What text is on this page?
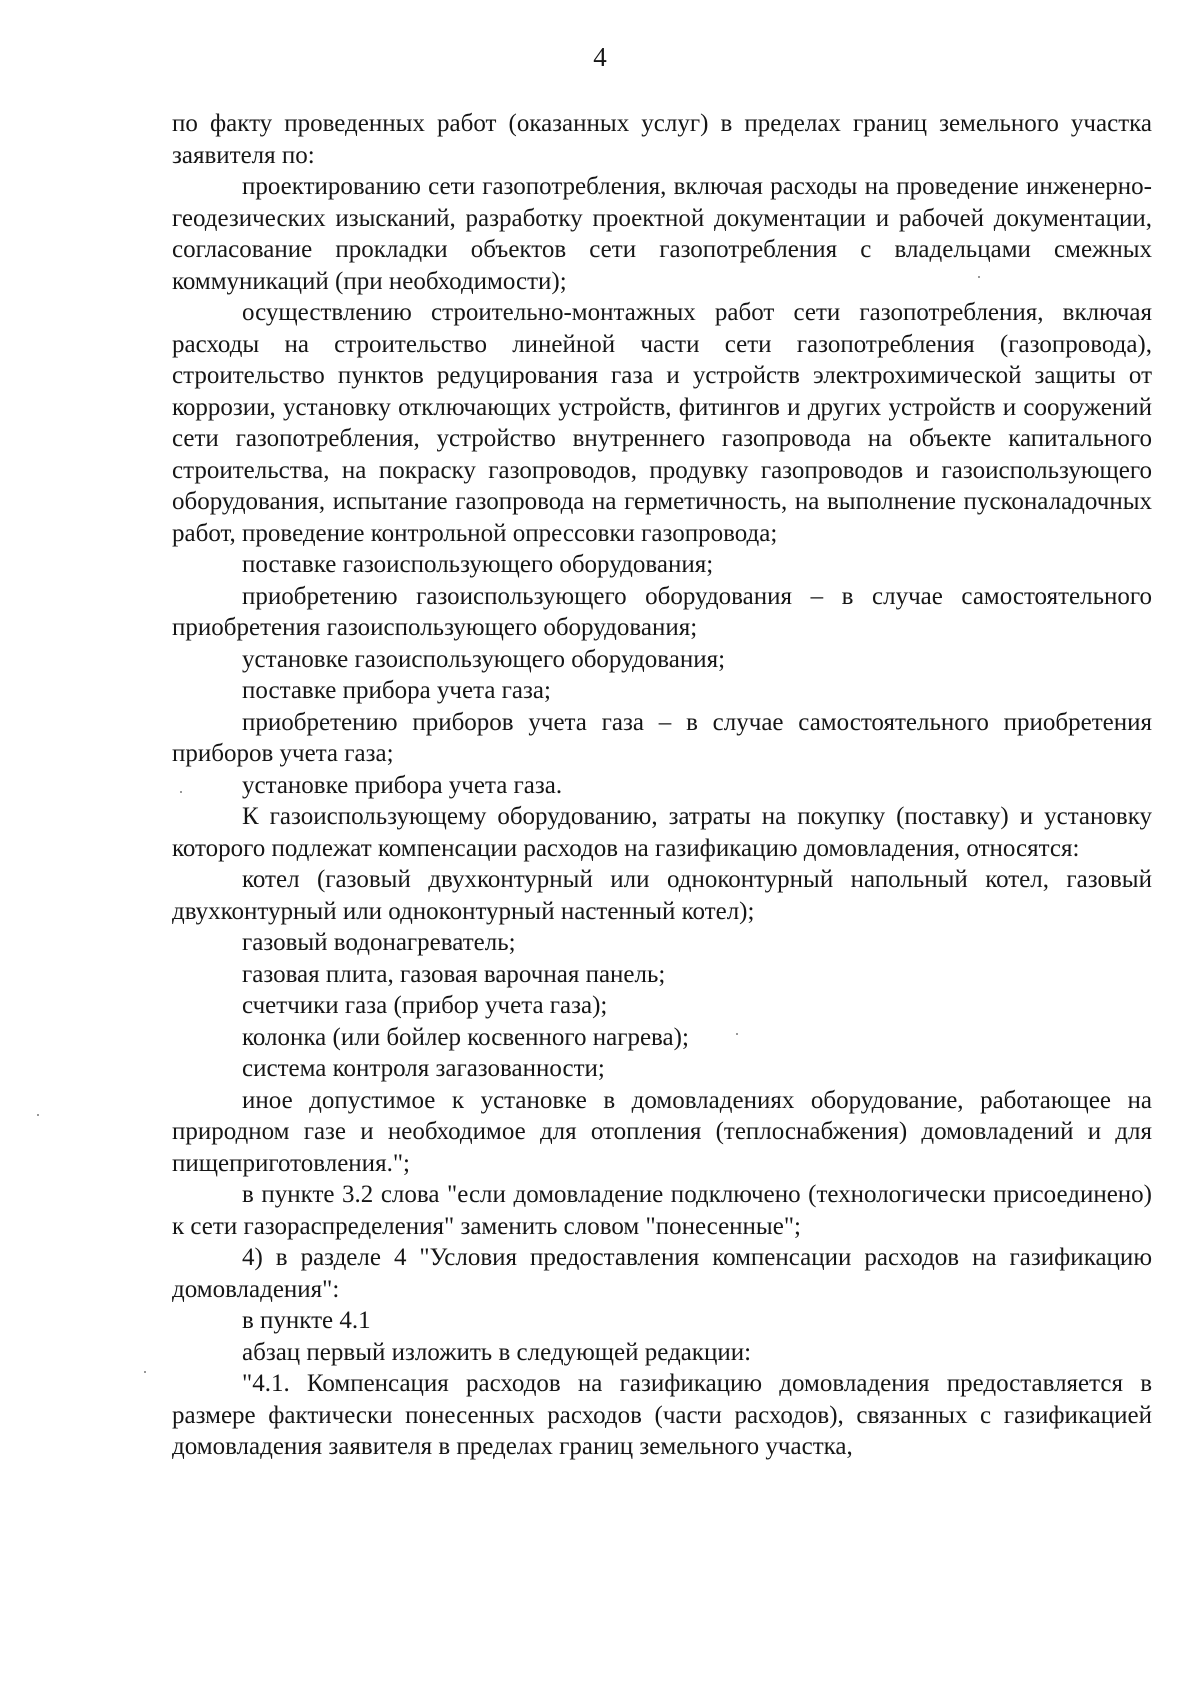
4

по факту проведенных работ (оказанных услуг) в пределах границ земельного участка заявителя по:

проектированию сети газопотребления, включая расходы на проведение инженерно-геодезических изысканий, разработку проектной документации и рабочей документации, согласование прокладки объектов сети газопотребления с владельцами смежных коммуникаций (при необходимости);

осуществлению строительно-монтажных работ сети газопотребления, включая расходы на строительство линейной части сети газопотребления (газопровода), строительство пунктов редуцирования газа и устройств электрохимической защиты от коррозии, установку отключающих устройств, фитингов и других устройств и сооружений сети газопотребления, устройство внутреннего газопровода на объекте капитального строительства, на покраску газопроводов, продувку газопроводов и газоиспользующего оборудования, испытание газопровода на герметичность, на выполнение пусконаладочных работ, проведение контрольной опрессовки газопровода;

поставке газоиспользующего оборудования;

приобретению газоиспользующего оборудования – в случае самостоятельного приобретения газоиспользующего оборудования;

установке газоиспользующего оборудования;

поставке прибора учета газа;

приобретению приборов учета газа – в случае самостоятельного приобретения приборов учета газа;

установке прибора учета газа.

К газоиспользующему оборудованию, затраты на покупку (поставку) и установку которого подлежат компенсации расходов на газификацию домовладения, относятся:

котел (газовый двухконтурный или одноконтурный напольный котел, газовый двухконтурный или одноконтурный настенный котел);

газовый водонагреватель;

газовая плита, газовая варочная панель;

счетчики газа (прибор учета газа);

колонка (или бойлер косвенного нагрева);

система контроля загазованности;

иное допустимое к установке в домовладениях оборудование, работающее на природном газе и необходимое для отопления (теплоснабжения) домовладений и для пищеприготовления.";

в пункте 3.2 слова "если домовладение подключено (технологически присоединено) к сети газораспределения" заменить словом "понесенные";

4) в разделе 4 "Условия предоставления компенсации расходов на газификацию домовладения":

в пункте 4.1

абзац первый изложить в следующей редакции:

"4.1. Компенсация расходов на газификацию домовладения предоставляется в размере фактически понесенных расходов (части расходов), связанных с газификацией домовладения заявителя в пределах границ земельного участка,
